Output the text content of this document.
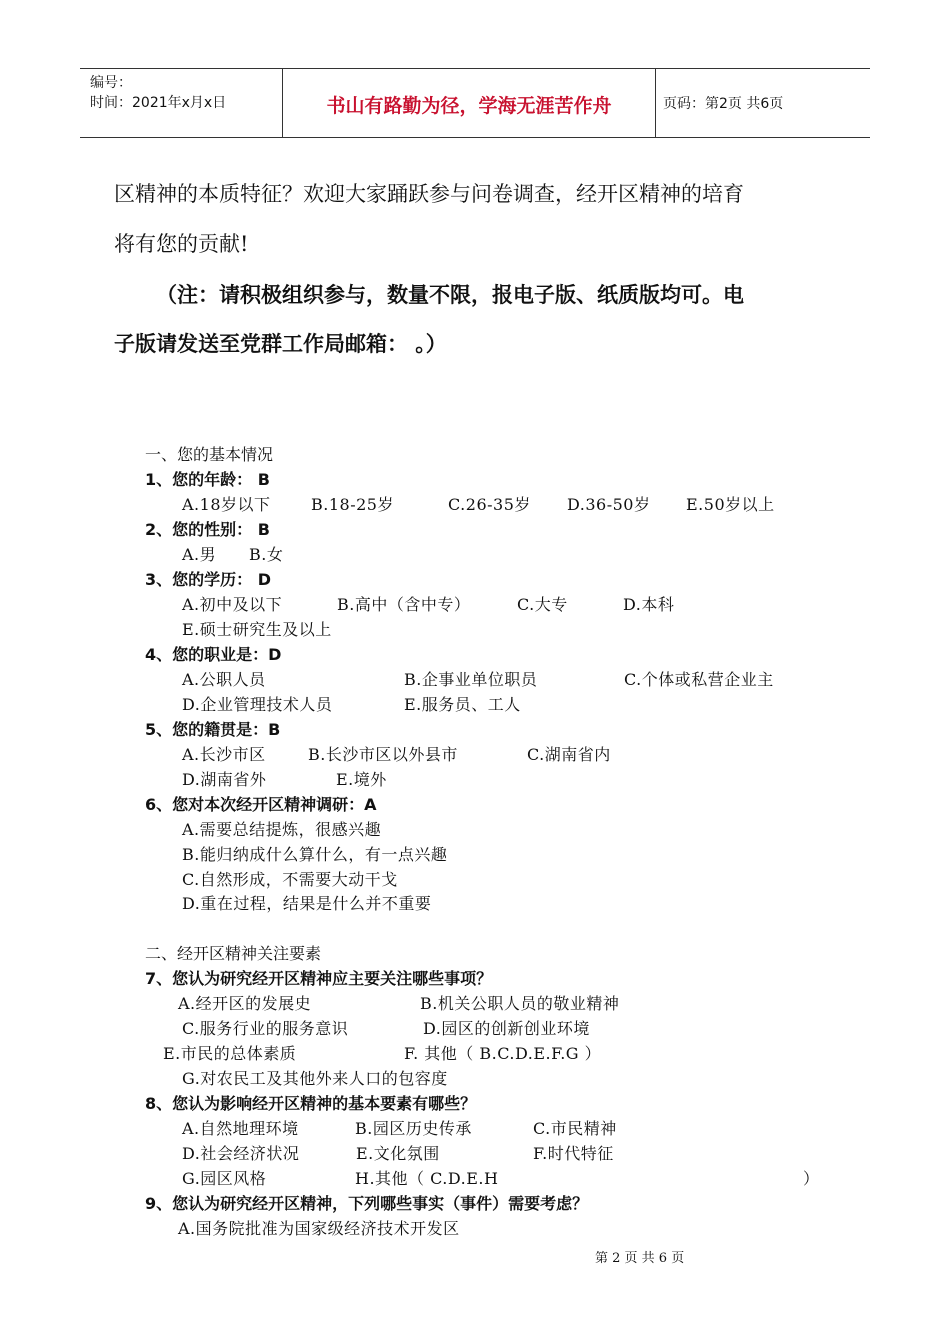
编号：
时间：2021年x月x日	书山有路勤为径，学海无涯苦作舟	页码：第2页 共6页
区精神的本质特征？欢迎大家踊跃参与问卷调查，经开区精神的培育
将有您的贡献!
（注：请积极组织参与，数量不限，报电子版、纸质版均可。电
子版请发送至党群工作局邮箱： 。）
一、您的基本情况
1、您的年龄： B
A.18岁以下	B.18-25岁	C.26-35岁 D.36-50岁 E.50岁以上
2、您的性别： B
A.男 B.女
3、您的学历： D
A.初中及以下	B.高中（含中专）	C.大专	D.本科
E.硕士研究生及以上
4、您的职业是：D
A.公职人员	B.企事业单位职员	C.个体或私营企业主
D.企业管理技术人员	E.服务员、工人
5、您的籍贯是：B
A.长沙市区	B.长沙市区以外县市	C.湖南省内
D.湖南省外	E.境外
6、您对本次经开区精神调研：A
A.需要总结提炼，很感兴趣
B.能归纳成什么算什么，有一点兴趣
C.自然形成，不需要大动干戈
D.重在过程，结果是什么并不重要
二、经开区精神关注要素
7、您认为研究经开区精神应主要关注哪些事项？
A.经开区的发展史	B.机关公职人员的敬业精神
C.服务行业的服务意识	D.园区的创新创业环境
E.市民的总体素质	F. 其他（ B.C.D.E.F.G ）
G.对农民工及其他外来人口的包容度
8、您认为影响经开区精神的基本要素有哪些？
A.自然地理环境	B.园区历史传承	C.市民精神
D.社会经济状况	E.文化氛围	F.时代特征
G.园区风格	H.其他（ C.D.E.H	）
9、您认为研究经开区精神，下列哪些事实（事件）需要考虑？
A.国务院批准为国家级经济技术开发区
第 2 页 共 6 页
